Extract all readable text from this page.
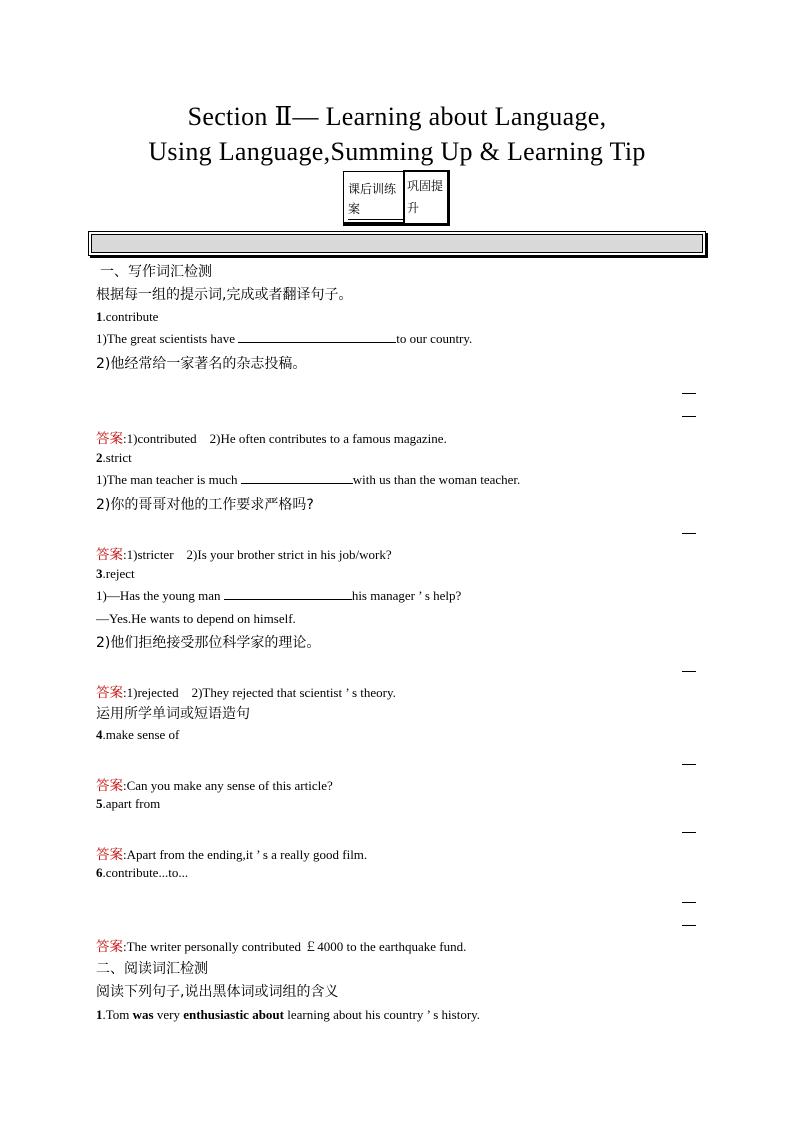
Section Ⅱ— Learning about Language,
Using Language,Summing Up & Learning Tip
课后训练案
巩固提升
一、写作词汇检测
根据每一组的提示词,完成或者翻译句子。
1.contribute
1)The great scientists have	to our country.
2)他经常给一家著名的杂志投稿。
答案:1)contributed    2)He often contributes to a famous magazine.
2.strict
1)The man teacher is much	with us than the woman teacher.
2)你的哥哥对他的工作要求严格吗?
答案:1)stricter    2)Is your brother strict in his job/work?
3.reject
1)—Has the young man	his manager ’ s help?
—Yes.He wants to depend on himself.
2)他们拒绝接受那位科学家的理论。
答案:1)rejected    2)They rejected that scientist ’ s theory.
运用所学单词或短语造句
4.make sense of
答案:Can you make any sense of this article?
5.apart from
答案:Apart from the ending,it ’ s a really good film.
6.contribute...to...
答案:The writer personally contributed ￡4000 to the earthquake fund.
二、阅读词汇检测
阅读下列句子,说出黑体词或词组的含义
1.Tom was very enthusiastic about learning about his country ’ s history.
